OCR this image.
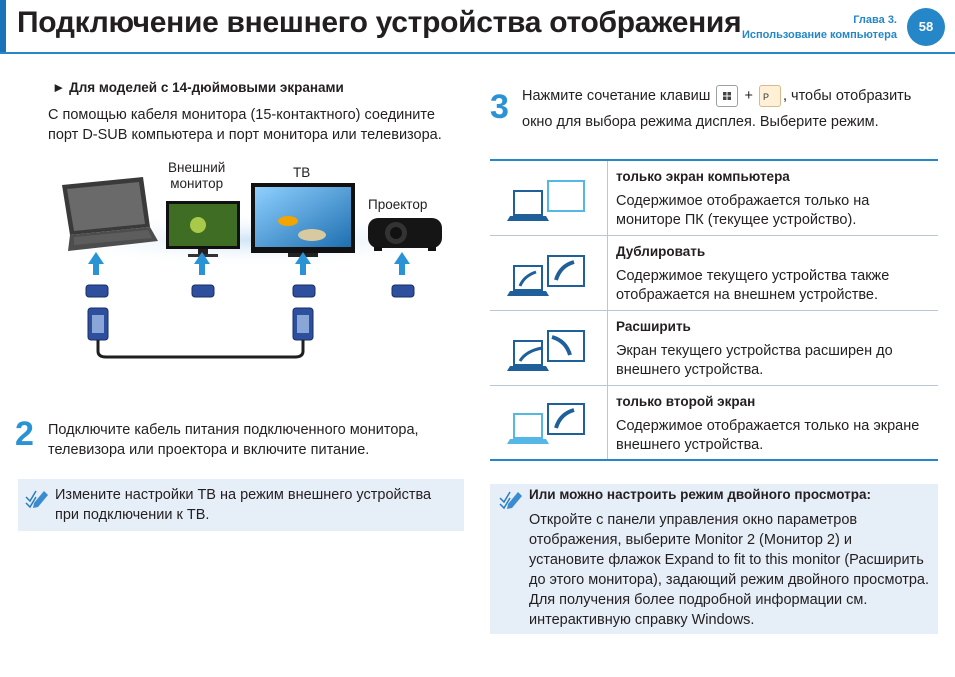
Подключение внешнего устройства отображения	Глава 3.
Использование компьютера
58
► Для моделей с 14-дюймовыми экранами
С помощью кабеля монитора (15-контактного) соедините порт D-SUB компьютера и порт монитора или телевизора.
Внешний
монитор
ТВ
Проектор
2 Подключите кабель питания подключенного монитора, телевизора или проектора и включите питание.
Измените настройки ТВ на режим внешнего устройства при подключении к ТВ.
3 Нажмите сочетание клавиш + P , чтобы отобразить
окно для выбора режима дисплея. Выберите режим.
только экран компьютера
Содержимое отображается только на мониторе ПК (текущее устройство).
Дублировать
Содержимое текущего устройства также отображается на внешнем устройстве.
Расширить
Экран текущего устройства расширен до внешнего устройства.
только второй экран
Содержимое отображается только на экране внешнего устройства.
Или можно настроить режим двойного просмотра:
Откройте с панели управления окно параметров отображения, выберите Monitor 2 (Монитор 2) и установите флажок Expand to fit to this monitor (Расширить до этого монитора), задающий режим двойного просмотра. Для получения более подробной информации см. интерактивную справку Windows.
